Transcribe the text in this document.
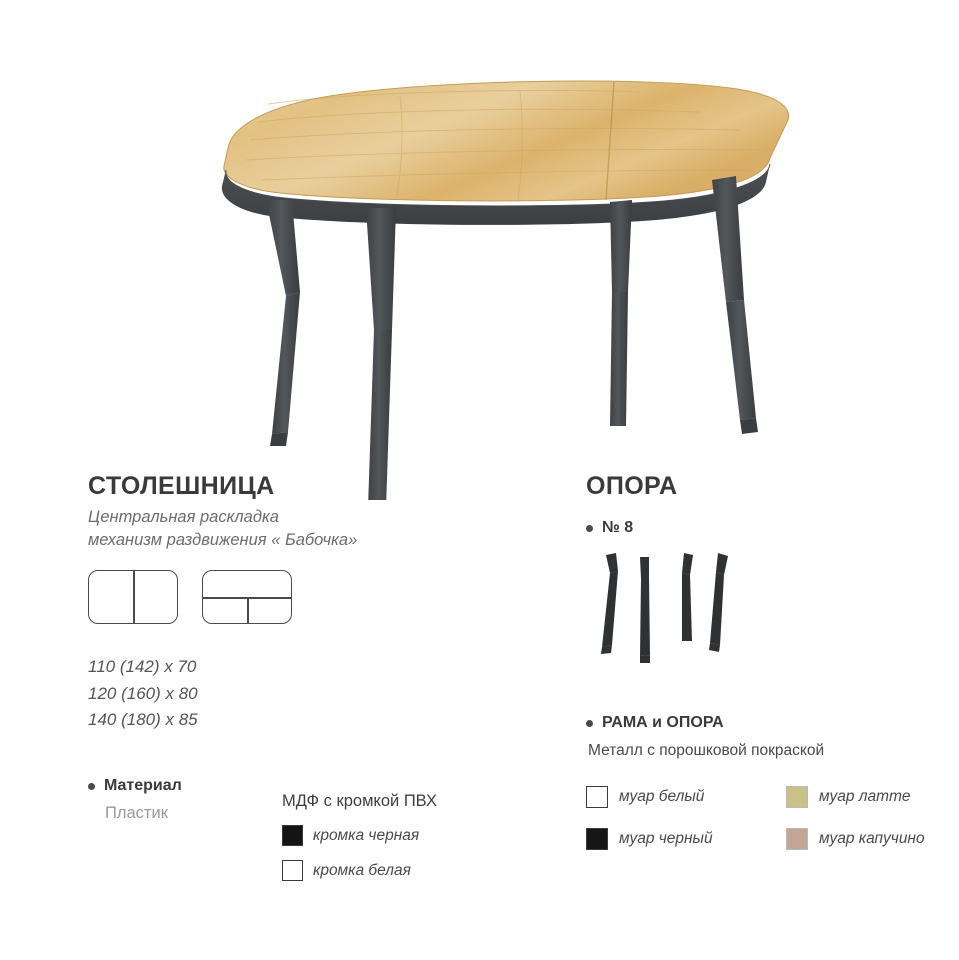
СТОЛЕШНИЦА
Центральная раскладка
механизм раздвижения « Бабочка»
110 (142) x 70
120 (160) x 80
140 (180) x 85
Материал
Пластик
МДФ с кромкой ПВХ
кромка черная
кромка белая
ОПОРА
№ 8
РАМА и ОПОРА
Металл с порошковой покраской
муар белый	муар латте
муар черный	муар капучино
